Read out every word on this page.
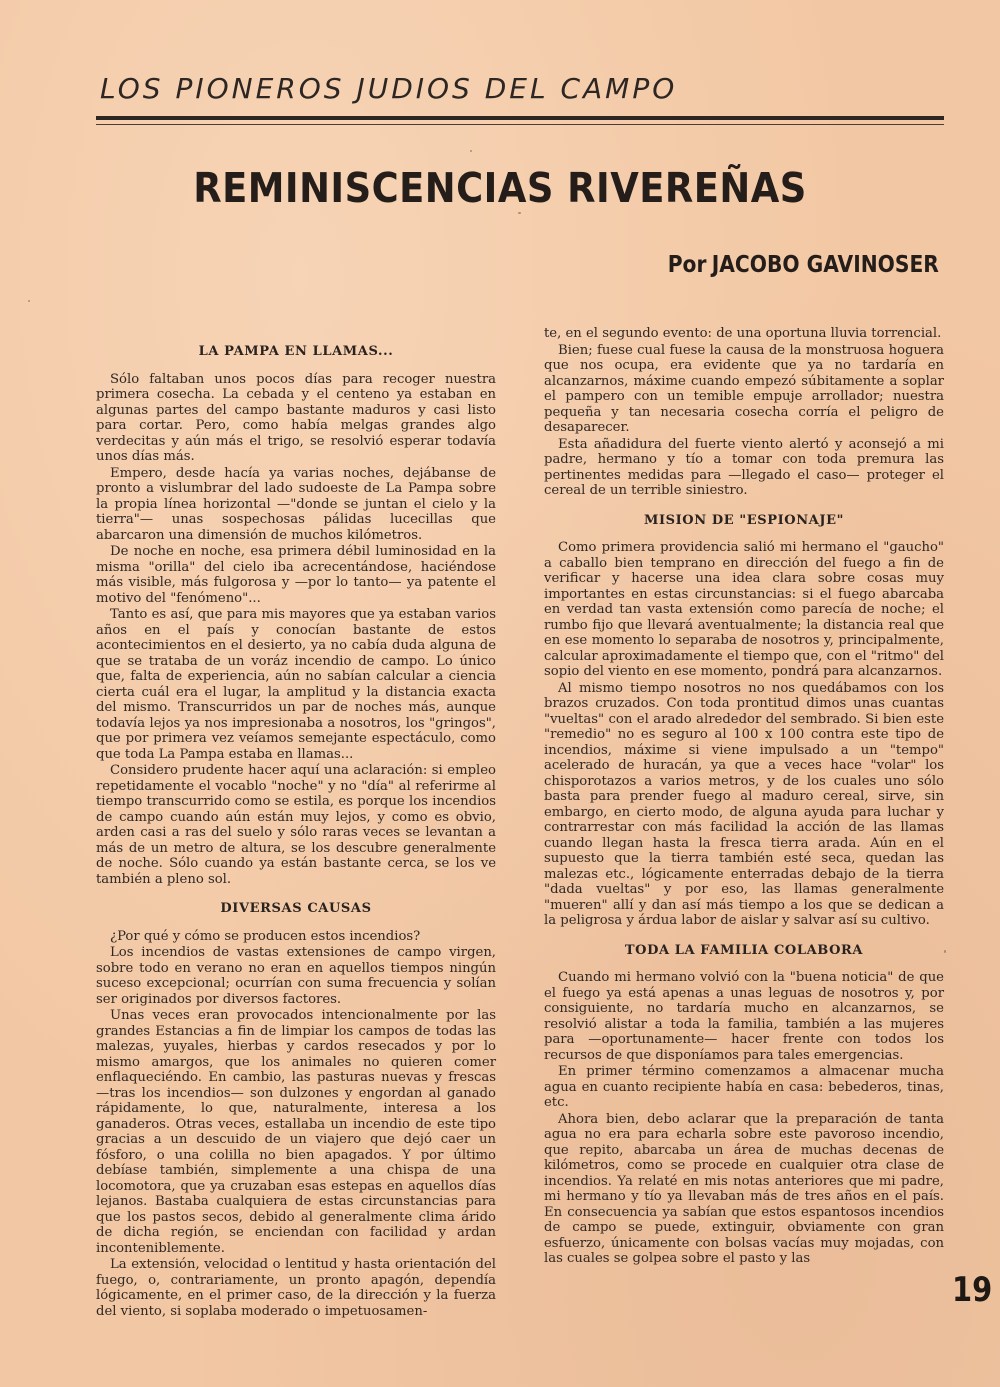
LOS PIONEROS JUDIOS DEL CAMPO
REMINISCENCIAS RIVEREÑAS
Por JACOBO GAVINOSER
LA PAMPA EN LLAMAS...

Sólo faltaban unos pocos días para recoger nuestra primera cosecha. La cebada y el centeno ya estaban en algunas partes del campo bastante maduros y casi listo para cortar. Pero, como había melgas grandes algo verdecitas y aún más el trigo, se resolvió esperar todavía unos días más.

Empero, desde hacía ya varias noches, dejábanse de pronto a vislumbrar del lado sudoeste de La Pampa sobre la propia línea horizontal —"donde se juntan el cielo y la tierra"— unas sospechosas pálidas lucecillas que abarcaron una dimensión de muchos kilómetros.

De noche en noche, esa primera débil luminosidad en la misma "orilla" del cielo iba acrecentándose, haciéndose más visible, más fulgorosa y —por lo tanto— ya patente el motivo del "fenómeno"...

Tanto es así, que para mis mayores que ya estaban varios años en el país y conocían bastante de estos acontecimientos en el desierto, ya no cabía duda alguna de que se trataba de un voráz incendio de campo. Lo único que, falta de experiencia, aún no sabían calcular a ciencia cierta cuál era el lugar, la amplitud y la distancia exacta del mismo. Transcurridos un par de noches más, aunque todavía lejos ya nos impresionaba a nosotros, los "gringos", que por primera vez veíamos semejante espectáculo, como que toda La Pampa estaba en llamas...

Considero prudente hacer aquí una aclaración: si empleo repetidamente el vocablo "noche" y no "día" al referirme al tiempo transcurrido como se estila, es porque los incendios de campo cuando aún están muy lejos, y como es obvio, arden casi a ras del suelo y sólo raras veces se levantan a más de un metro de altura, se los descubre generalmente de noche. Sólo cuando ya están bastante cerca, se los ve también a pleno sol.

DIVERSAS CAUSAS

¿Por qué y cómo se producen estos incendios?

Los incendios de vastas extensiones de campo virgen, sobre todo en verano no eran en aquellos tiempos ningún suceso excepcional; ocurrían con suma frecuencia y solían ser originados por diversos factores.

Unas veces eran provocados intencionalmente por las grandes Estancias a fin de limpiar los campos de todas las malezas, yuyales, hierbas y cardos resecados y por lo mismo amargos, que los animales no quieren comer enflaqueciéndo. En cambio, las pasturas nuevas y frescas —tras los incendios— son dulzones y engordan al ganado rápidamente, lo que, naturalmente, interesa a los ganaderos. Otras veces, estallaba un incendio de este tipo gracias a un descuido de un viajero que dejó caer un fósforo, o una colilla no bien apagados. Y por último debíase también, simplemente a una chispa de una locomotora, que ya cruzaban esas estepas en aquellos días lejanos. Bastaba cualquiera de estas circunstancias para que los pastos secos, debido al generalmente clima árido de dicha región, se enciendan con facilidad y ardan inconteniblemente.

La extensión, velocidad o lentitud y hasta orientación del fuego, o, contrariamente, un pronto apagón, dependía lógicamente, en el primer caso, de la dirección y la fuerza del viento, si soplaba moderado o impetuosamen-

te, en el segundo evento: de una oportuna lluvia torrencial.

Bien; fuese cual fuese la causa de la monstruosa hoguera que nos ocupa, era evidente que ya no tardaría en alcanzarnos, máxime cuando empezó súbitamente a soplar el pampero con un temible empuje arrollador; nuestra pequeña y tan necesaria cosecha corría el peligro de desaparecer.

Esta añadidura del fuerte viento alertó y aconsejó a mi padre, hermano y tío a tomar con toda premura las pertinentes medidas para —llegado el caso— proteger el cereal de un terrible siniestro.

MISION DE "ESPIONAJE"

Como primera providencia salió mi hermano el "gaucho" a caballo bien temprano en dirección del fuego a fin de verificar y hacerse una idea clara sobre cosas muy importantes en estas circunstancias: si el fuego abarcaba en verdad tan vasta extensión como parecía de noche; el rumbo fijo que llevará aventualmente; la distancia real que en ese momento lo separaba de nosotros y, principalmente, calcular aproximadamente el tiempo que, con el "ritmo" del sopio del viento en ese momento, pondrá para alcanzarnos.

Al mismo tiempo nosotros no nos quedábamos con los brazos cruzados. Con toda prontitud dimos unas cuantas "vueltas" con el arado alrededor del sembrado. Si bien este "remedio" no es seguro al 100 x 100 contra este tipo de incendios, máxime si viene impulsado a un "tempo" acelerado de huracán, ya que a veces hace "volar" los chisporotazos a varios metros, y de los cuales uno sólo basta para prender fuego al maduro cereal, sirve, sin embargo, en cierto modo, de alguna ayuda para luchar y contrarrestar con más facilidad la acción de las llamas cuando llegan hasta la fresca tierra arada. Aún en el supuesto que la tierra también esté seca, quedan las malezas etc., lógicamente enterradas debajo de la tierra "dada vueltas" y por eso, las llamas generalmente "mueren" allí y dan así más tiempo a los que se dedican a la peligrosa y árdua labor de aislar y salvar así su cultivo.

TODA LA FAMILIA COLABORA

Cuando mi hermano volvió con la "buena noticia" de que el fuego ya está apenas a unas leguas de nosotros y, por consiguiente, no tardaría mucho en alcanzarnos, se resolvió alistar a toda la familia, también a las mujeres para —oportunamente— hacer frente con todos los recursos de que disponíamos para tales emergencias.

En primer término comenzamos a almacenar mucha agua en cuanto recipiente había en casa: bebederos, tinas, etc.

Ahora bien, debo aclarar que la preparación de tanta agua no era para echarla sobre este pavoroso incendio, que repito, abarcaba un área de muchas decenas de kilómetros, como se procede en cualquier otra clase de incendios. Ya relaté en mis notas anteriores que mi padre, mi hermano y tío ya llevaban más de tres años en el país. En consecuencia ya sabían que estos espantosos incendios de campo se puede, extinguir, obviamente con gran esfuerzo, únicamente con bolsas vacías muy mojadas, con las cuales se golpea sobre el pasto y las

19
